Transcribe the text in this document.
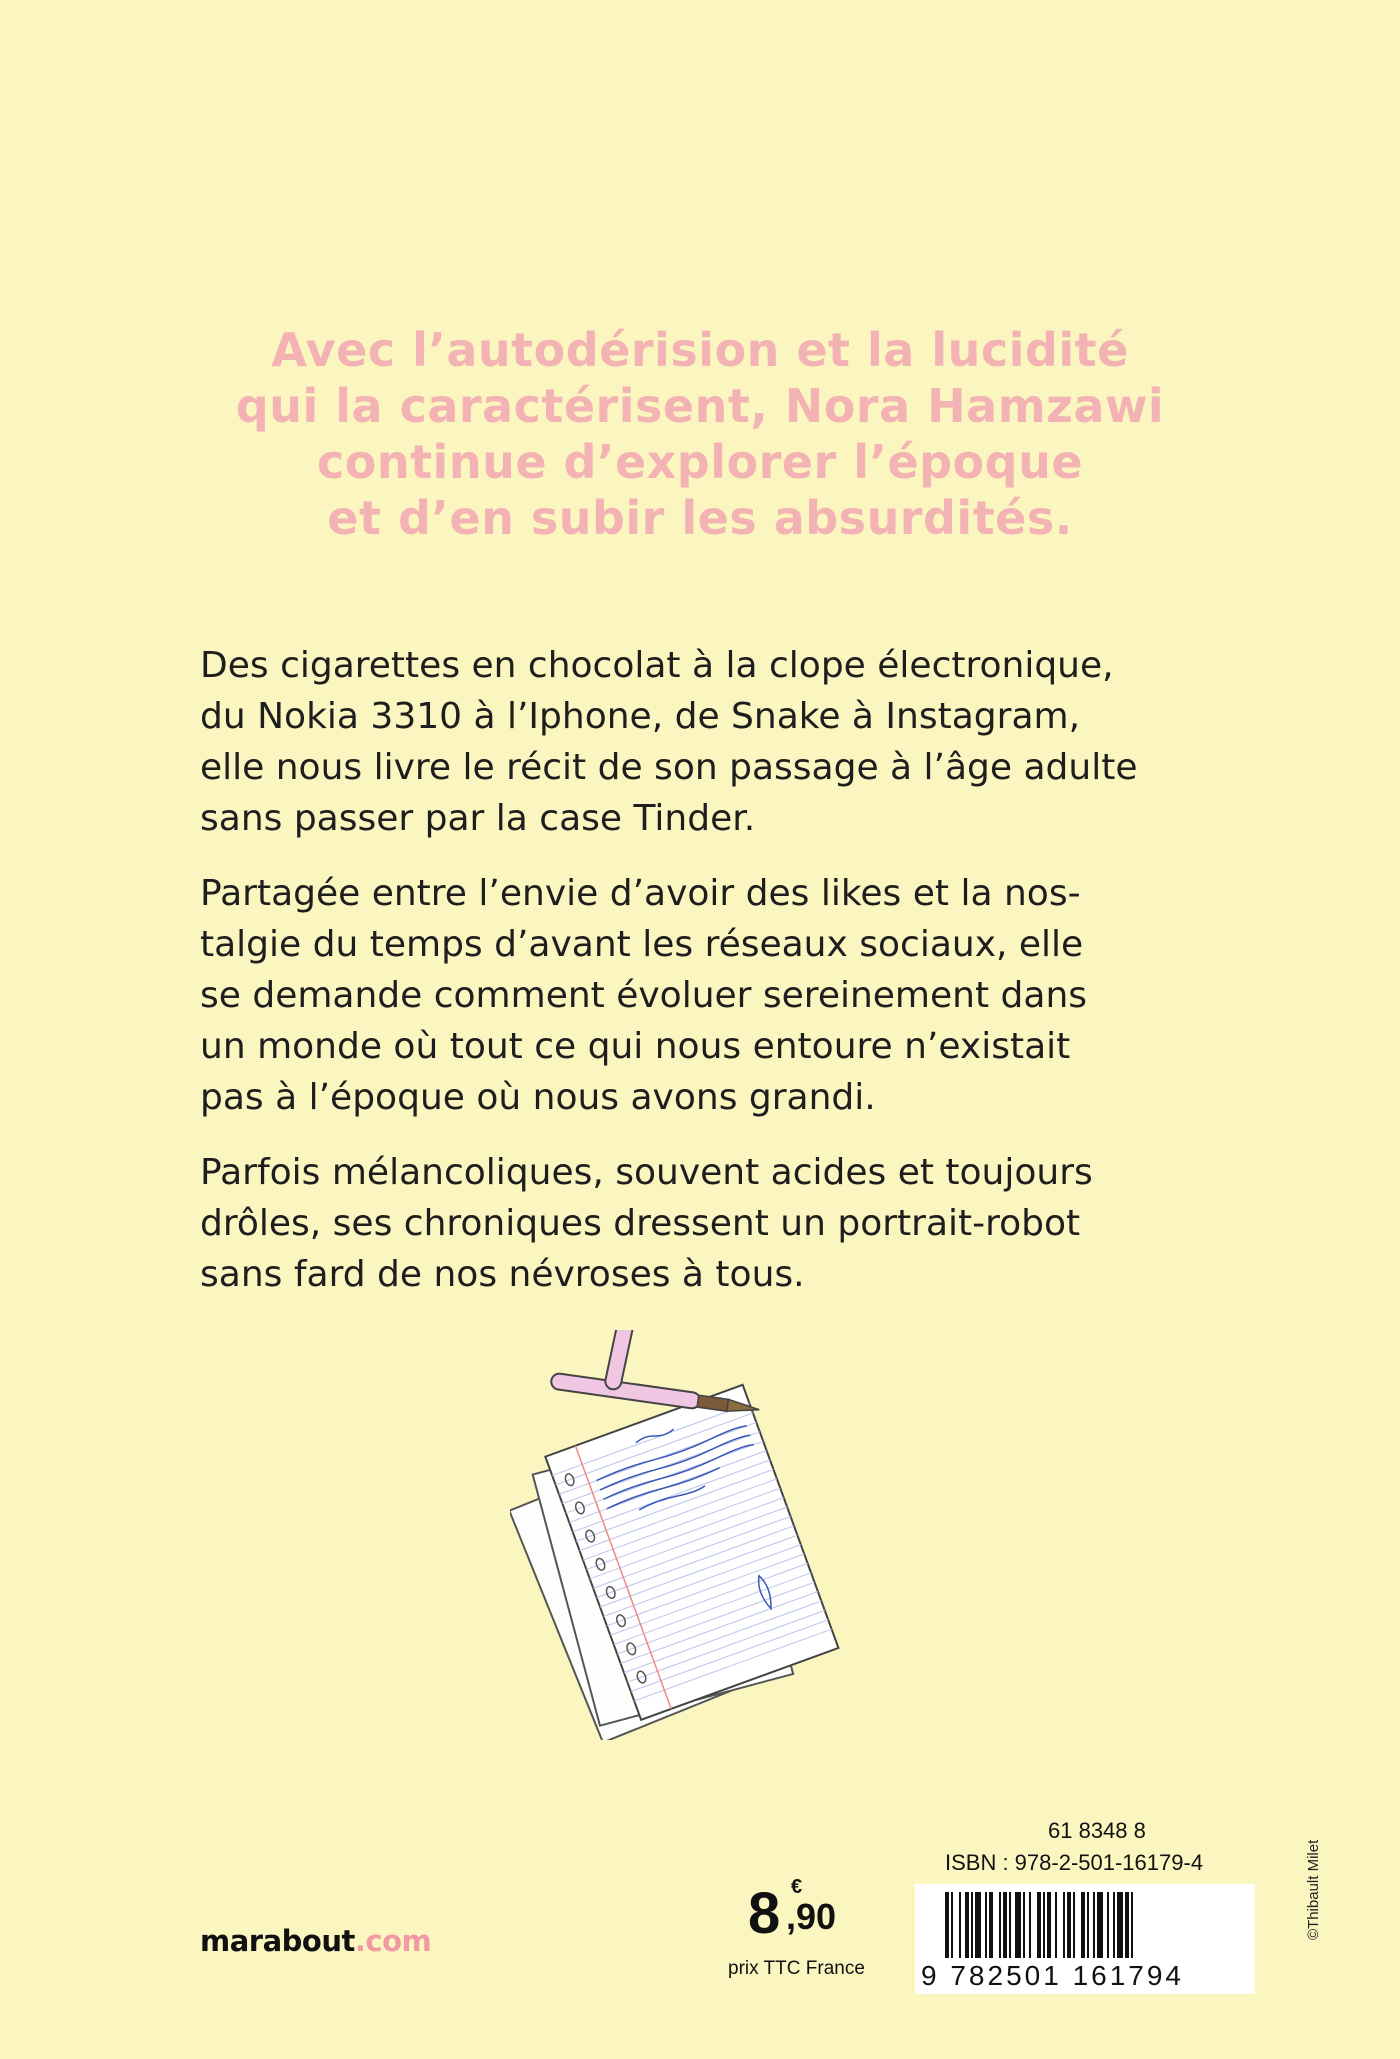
Avec l’autodérision et la lucidité
qui la caractérisent, Nora Hamzawi
continue d’explorer l’époque
et d’en subir les absurdités.
Des cigarettes en chocolat à la clope électronique,
du Nokia 3310 à l’Iphone, de Snake à Instagram,
elle nous livre le récit de son passage à l’âge adulte
sans passer par la case Tinder.
Partagée entre l’envie d’avoir des likes et la nos-
talgie du temps d’avant les réseaux sociaux, elle
se demande comment évoluer sereinement dans
un monde où tout ce qui nous entoure n’existait
pas à l’époque où nous avons grandi.
Parfois mélancoliques, souvent acides et toujours
drôles, ses chroniques dressent un portrait-robot
sans fard de nos névroses à tous.
marabout.com	8 €
,90
prix TTC France
61 8348 8
ISBN : 978-2-501-16179-4
9 782501 161794
©Thibault Milet
